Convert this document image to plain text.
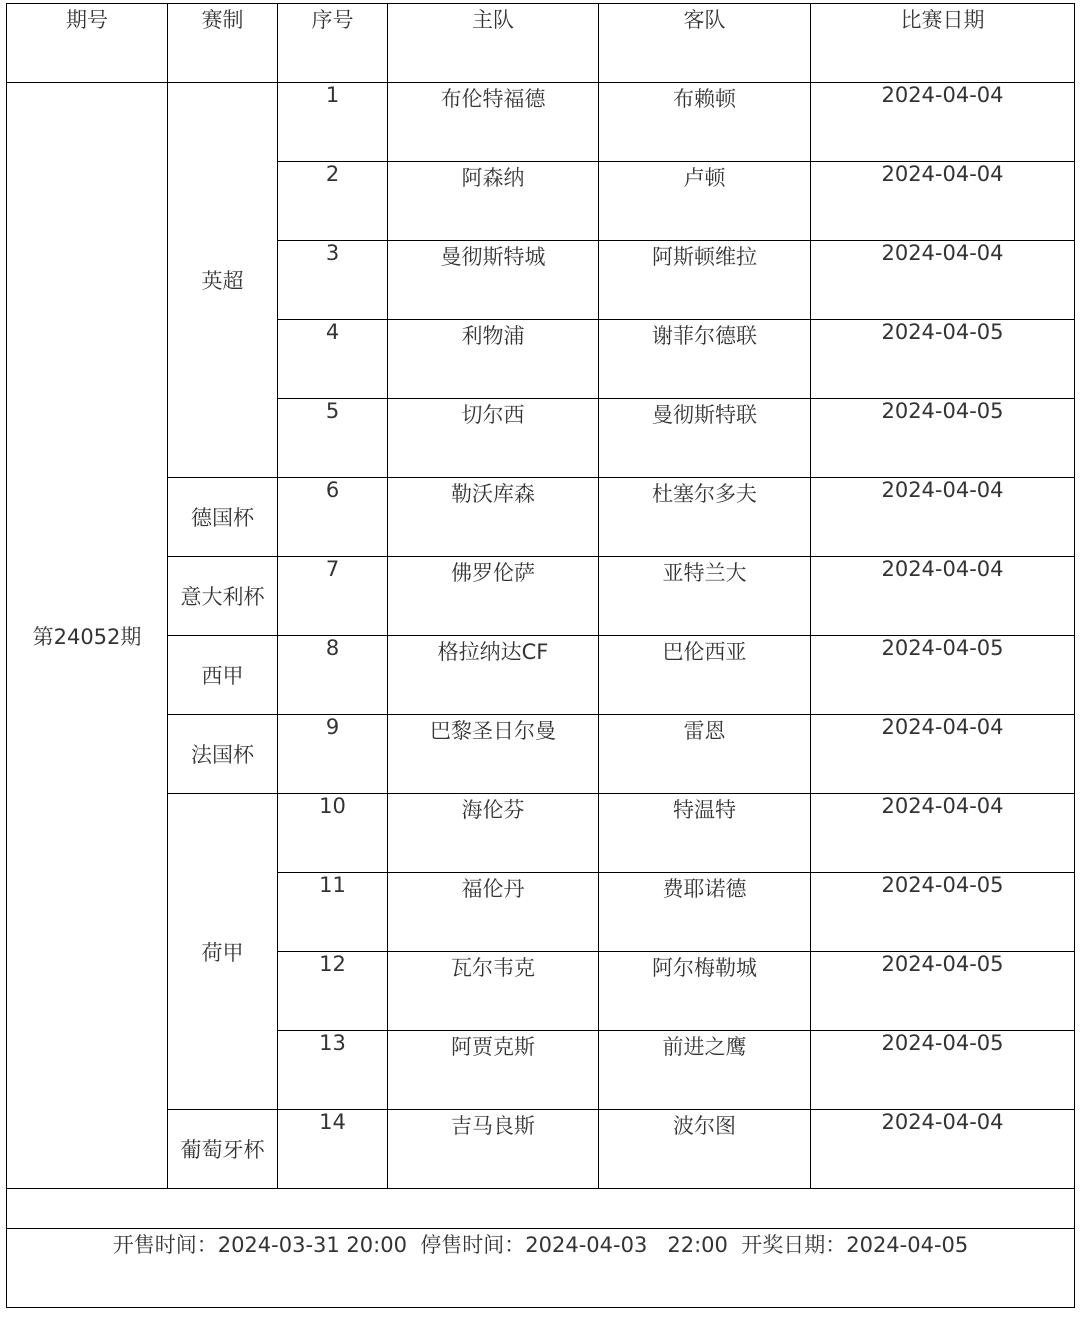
期号	赛制	序号	主队	客队	比赛日期
第24052期	英超	1	布伦特福德	布赖顿	2024-04-04
		2	阿森纳	卢顿	2024-04-04
		3	曼彻斯特城	阿斯顿维拉	2024-04-04
		4	利物浦	谢菲尔德联	2024-04-05
		5	切尔西	曼彻斯特联	2024-04-05
	德国杯	6	勒沃库森	杜塞尔多夫	2024-04-04
	意大利杯	7	佛罗伦萨	亚特兰大	2024-04-04
	西甲	8	格拉纳达CF	巴伦西亚	2024-04-05
	法国杯	9	巴黎圣日尔曼	雷恩	2024-04-04
	荷甲	10	海伦芬	特温特	2024-04-04
		11	福伦丹	费耶诺德	2024-04-05
		12	瓦尔韦克	阿尔梅勒城	2024-04-05
		13	阿贾克斯	前进之鹰	2024-04-05
	葡萄牙杯	14	吉马良斯	波尔图	2024-04-04

开售时间：2024-03-31 20:00  停售时间：2024-04-03   22:00  开奖日期：2024-04-05					
